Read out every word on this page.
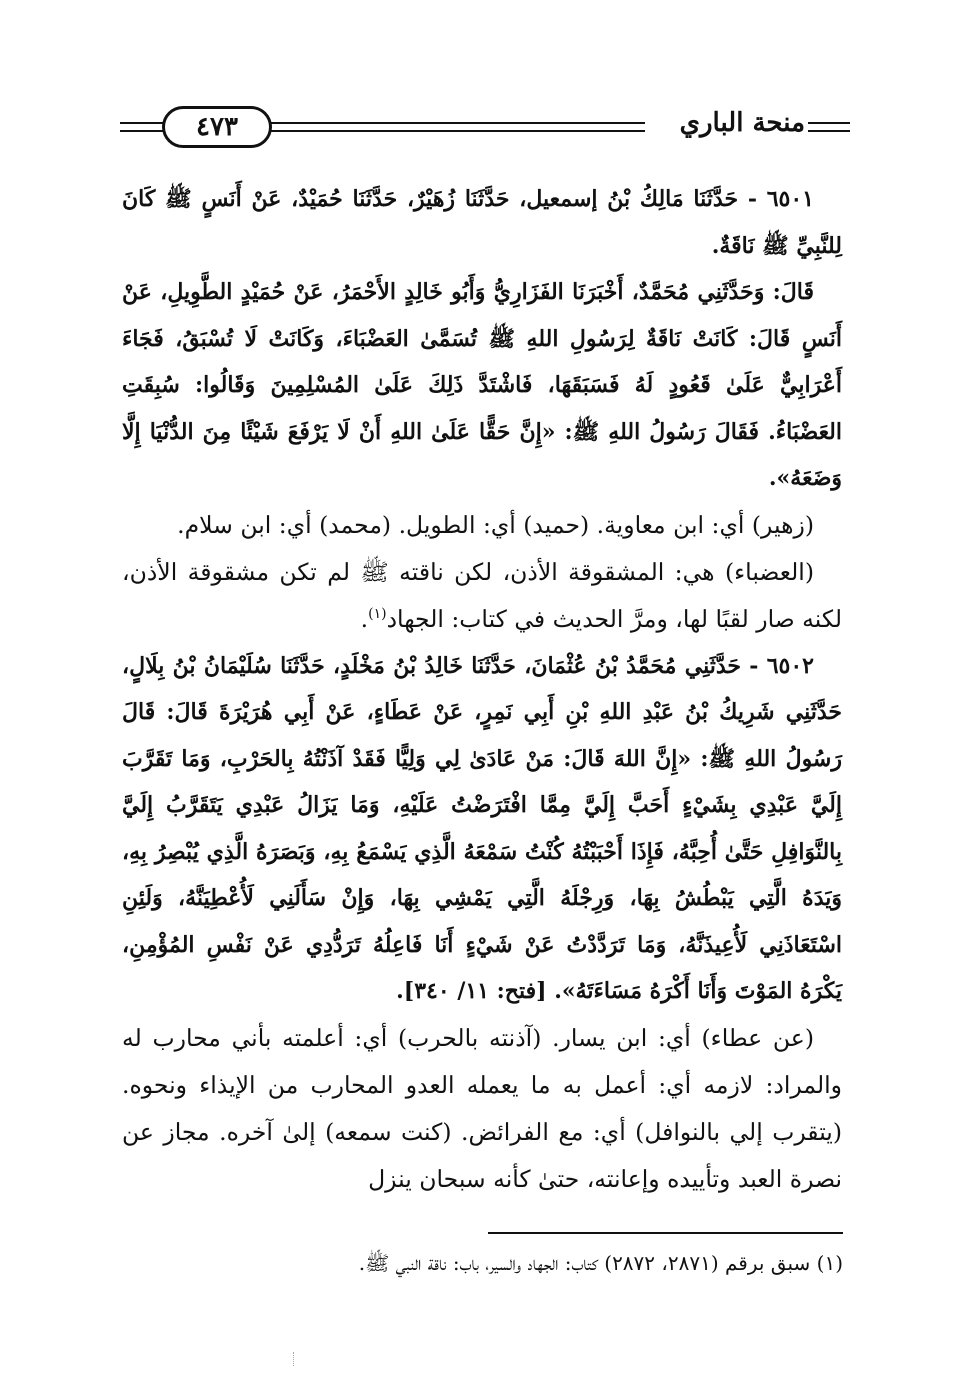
منحة الباري
٤٧٣

٦٥٠١ - حَدَّثَنَا مَالِكُ بْنُ إسمعيل، حَدَّثَنَا زُهَيْرٌ، حَدَّثَنَا حُمَيْدٌ، عَنْ أَنَسٍ ﷺ كَانَ لِلنَّبِيِّ ﷺ نَاقَةٌ.

قَالَ: وَحَدَّثَنِي مُحَمَّدٌ، أَخْبَرَنَا الفَزَارِيُّ وَأَبُو خَالِدٍ الأَحْمَرُ، عَنْ حُمَيْدٍ الطَّوِيلِ، عَنْ أَنَسٍ قَالَ: كَانَتْ نَاقَةٌ لِرَسُولِ اللهِ ﷺ تُسَمَّىٰ العَضْبَاءَ، وَكَانَتْ لَا تُسْبَقُ، فَجَاءَ أَعْرَابِيٌّ عَلَىٰ قَعُودٍ لَهُ فَسَبَقَهَا، فَاشْتَدَّ ذَلِكَ عَلَىٰ المُسْلِمِينَ وَقَالُوا: سُبِقَتِ العَضْبَاءُ. فَقَالَ رَسُولُ اللهِ ﷺ: «إِنَّ حَقًّا عَلَىٰ اللهِ أَنْ لَا يَرْفَعَ شَيْئًا مِنَ الدُّنْيَا إِلَّا وَضَعَهُ».

(زهير) أي: ابن معاوية. (حميد) أي: الطويل. (محمد) أي: ابن سلام.

(العضباء) هي: المشقوقة الأذن، لكن ناقته ﷺ لم تكن مشقوقة الأذن، لكنه صار لقبًا لها، ومرَّ الحديث في كتاب: الجهاد$^{(١)}$.

٦٥٠٢ - حَدَّثَنِي مُحَمَّدُ بْنُ عُثْمَانَ، حَدَّثَنَا خَالِدُ بْنُ مَخْلَدٍ، حَدَّثَنَا سُلَيْمَانُ بْنُ بِلَالٍ، حَدَّثَنِي شَرِيكُ بْنُ عَبْدِ اللهِ بْنِ أَبِي نَمِرٍ، عَنْ عَطَاءٍ، عَنْ أَبِي هُرَيْرَةَ قَالَ: قَالَ رَسُولُ اللهِ ﷺ: «إِنَّ اللهَ قَالَ: مَنْ عَادَىٰ لِي وَلِيًّا فَقَدْ آذَنْتُهُ بِالحَرْبِ، وَمَا تَقَرَّبَ إِلَيَّ عَبْدِي بِشَيْءٍ أَحَبَّ إِلَيَّ مِمَّا افْتَرَضْتُ عَلَيْهِ، وَمَا يَزَالُ عَبْدِي يَتَقَرَّبُ إِلَيَّ بِالنَّوَافِلِ حَتَّىٰ أُحِبَّهُ، فَإِذَا أَحْبَبْتُهُ كُنْتُ سَمْعَهُ الَّذِي يَسْمَعُ بِهِ، وَبَصَرَهُ الَّذِي يُبْصِرُ بِهِ، وَيَدَهُ الَّتِي يَبْطُشُ بِهَا، وَرِجْلَهُ الَّتِي يَمْشِي بِهَا، وَإِنْ سَأَلَنِي لَأُعْطِيَنَّهُ، وَلَئِنِ اسْتَعَاذَنِي لَأُعِيذَنَّهُ، وَمَا تَرَدَّدْتُ عَنْ شَيْءٍ أَنَا فَاعِلُهُ تَرَدُّدِي عَنْ نَفْسِ المُؤْمِنِ، يَكْرَهُ المَوْتَ وَأَنَا أَكْرَهُ مَسَاءَتَهُ». [فتح: ١١/ ٣٤٠].

(عن عطاء) أي: ابن يسار. (آذنته بالحرب) أي: أعلمته بأني محارب له والمراد: لازمه أي: أعمل به ما يعمله العدو المحارب من الإيذاء ونحوه. (يتقرب إلي بالنوافل) أي: مع الفرائض. (كنت سمعه) إلىٰ آخره. مجاز عن نصرة العبد وتأييده وإعانته، حتىٰ كأنه سبحان ينزل

(١) سبق برقم (٢٨٧١، ٢٨٧٢) كتاب: الجهاد والسير، باب: ناقة النبي ﷺ.
